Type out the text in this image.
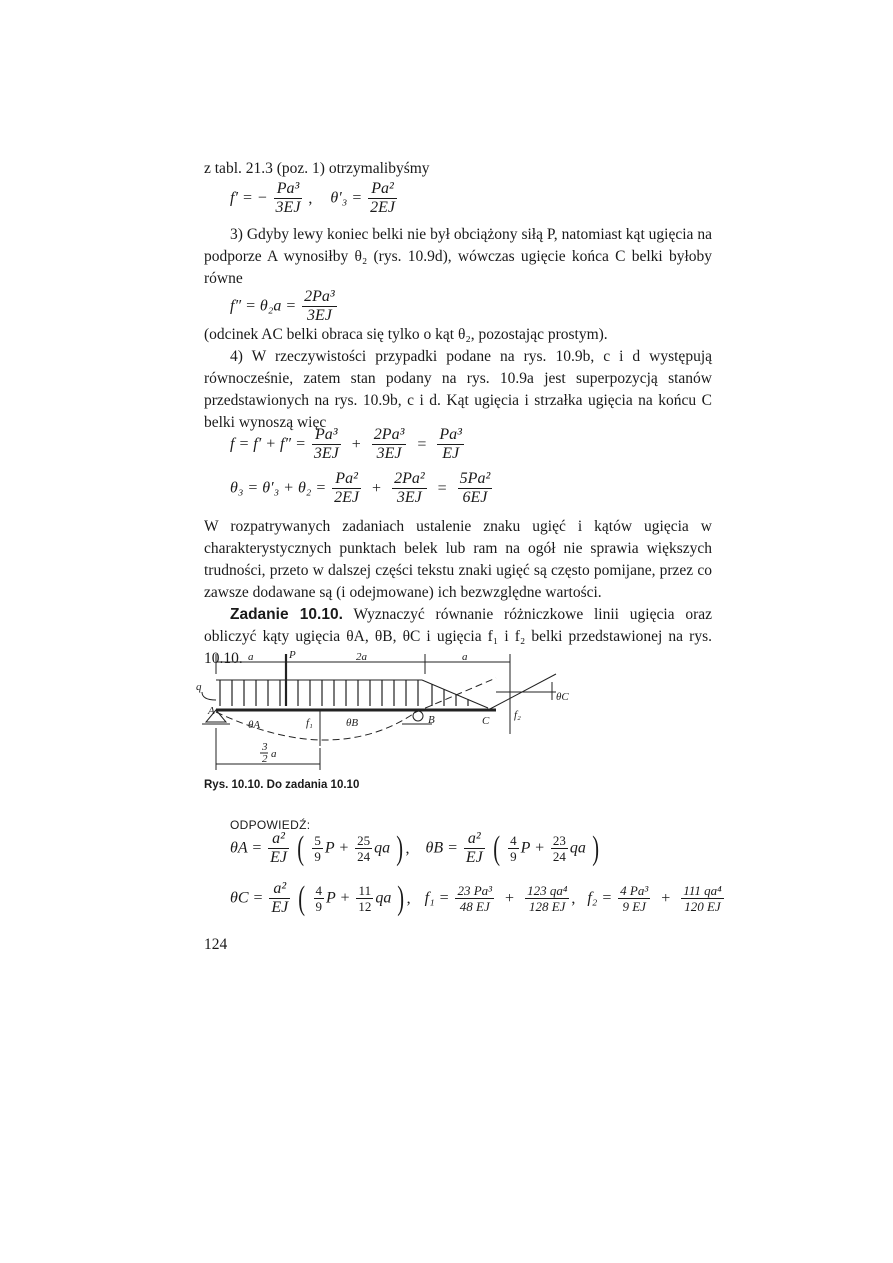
z tabl. 21.3 (poz. 1) otrzymalibyśmy

f′ = − $\frac{\text{Pa³}}{3EJ}$ , $\theta'_3 = \frac{\text{Pa²}}{2EJ}$

3) Gdyby lewy koniec belki nie był obciążony siłą P, natomiast kąt ugięcia na podporze A wynosiłby θ₂ (rys. 10.9d), wówczas ugięcie końca C belki byłoby równe

$f'' = \theta_2a = \frac{\text{2Pa³}}{3EJ}$

(odcinek AC belki obraca się tylko o kąt θ₂, pozostając prostym).

4) W rzeczywistości przypadki podane na rys. 10.9b, c i d występują równocześnie, zatem stan podany na rys. 10.9a jest superpozycją stanów przedstawionych na rys. 10.9b, c i d. Kąt ugięcia i strzałka ugięcia na końcu C belki wynoszą więc

$f = f' + f'' = \frac{\text{Pa³}}{3EJ} + \frac{\text{2Pa³}}{3EJ} = \frac{\text{Pa³}}{EJ}$
$\theta_3 = \theta'_3 + \theta_2 = \frac{\text{Pa²}}{2EJ} + \frac{\text{2Pa²}}{3EJ} = \frac{\text{5Pa²}}{6EJ}$

W rozpatrywanych zadaniach ustalenie znaku ugięć i kątów ugięcia w charakterystycznych punktach belek lub ram na ogół nie sprawia większych trudności, przeto w dalszej części tekstu znaki ugięć są często pomijane, przez co zawsze dodawane są (i odejmowane) ich bezwzględne wartości.

Zadanie 10.10. Wyznaczyć równanie różniczkowe linii ugięcia oraz obliczyć kąty ugięcia θA, θB, θC i ugięcia f₁ i f₂ belki przedstawionej na rys. 10.10. a	P	2a	a
q
A
B	C
θA	θB
θC
f₁
f₂
3
2 a
Rys. 10.10. Do zadania 10.10
ODPOWIEDŹ:
$\theta A = \frac{\text{a²}}{EJ}$ ( $\frac{5}{9}$ $P + \frac{25}{24}$ qa ) , $\theta B = \frac{\text{a²}}{EJ}$ ( $\frac{4}{9}$ $P + \frac{23}{24}$ qa )
$\theta C = \frac{\text{a²}}{EJ}$ ( $\frac{4}{9}$ $P + \frac{11}{12}$ qa ) , $f_1 = \frac{\text{23 Pa³}}{48 EJ} + \frac{\text{123 qa⁴}}{128 EJ}$ , $f_2 = \frac{\text{4 Pa³}}{9 EJ} + \frac{\text{111 qa⁴}}{120 EJ}$
124
